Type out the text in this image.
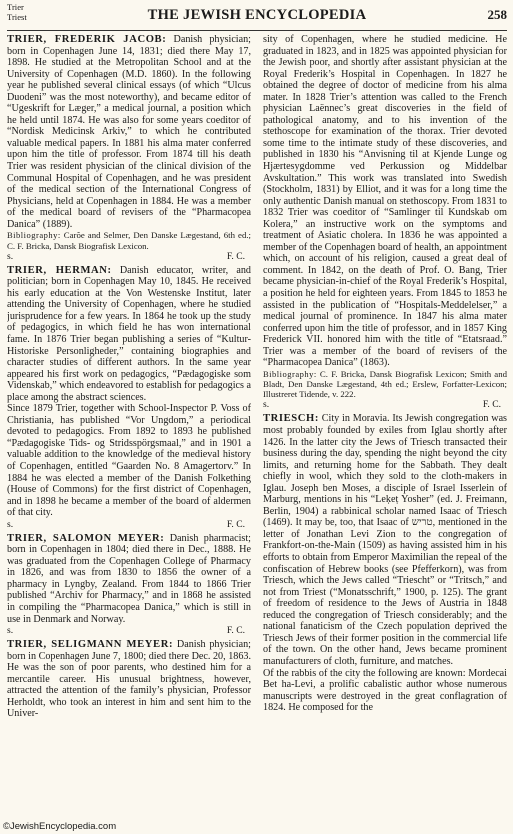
Trier
Triest	THE JEWISH ENCYCLOPEDIA	258

TRIER, FREDERIK JACOB: Danish physician; born in Copenhagen June 14, 1831; died there May 17, 1898. He studied at the Metropolitan School and at the University of Copenhagen (M.D. 1860). In the following year he published several clinical essays (of which “Ulcus Duodeni” was the most noteworthy), and became editor of “Ugeskrift for Læger,” a medical journal, a position which he held until 1874. He was also for some years coeditor of “Nordisk Medicinsk Arkiv,” to which he contributed valuable medical papers. In 1881 his alma mater conferred upon him the title of professor. From 1874 till his death Trier was resident physician of the clinical division of the Communal Hospital of Copenhagen, and he was president of the medical section of the International Congress of Physicians, held at Copenhagen in 1884. He was a member of the medical board of revisers of the “Pharmacopea Danica” (1889).

Bibliography: Carõe and Selmer, Den Danske Lægestand, 6th ed.; C. F. Bricka, Dansk Biografisk Lexicon.

s.	F. C.

TRIER, HERMAN: Danish educator, writer, and politician; born in Copenhagen May 10, 1845. He received his early education at the Von Westenske Institut, later attending the University of Copenhagen, where he studied jurisprudence for a few years. In 1864 he took up the study of pedagogics, in which field he has won international fame. In 1876 Trier began publishing a series of “Kultur-Historiske Personligheder,” containing biographies and character studies of different authors. In the same year appeared his first work on pedagogics, “Pædagogiske som Videnskab,” which endeavored to establish for pedagogics a place among the abstract sciences.

Since 1879 Trier, together with School-Inspector P. Voss of Christiania, has published “Vor Ungdom,” a periodical devoted to pedagogics. From 1892 to 1893 he published “Pædagogiske Tids- og Stridsspörgsmaal,” and in 1901 a valuable addition to the knowledge of the medieval history of Copenhagen, entitled “Gaarden No. 8 Amagertorv.” In 1884 he was elected a member of the Danish Folkething (House of Commons) for the first district of Copenhagen, and in 1898 he became a member of the board of aldermen of that city.

s.	F. C.

TRIER, SALOMON MEYER: Danish pharmacist; born in Copenhagen in 1804; died there in Dec., 1888. He was graduated from the Copenhagen College of Pharmacy in 1826, and was from 1830 to 1856 the owner of a pharmacy in Lyngby, Zealand. From 1844 to 1866 Trier published “Archiv for Pharmacy,” and in 1868 he assisted in compiling the “Pharmacopea Danica,” which is still in use in Denmark and Norway.

s.	F. C.

TRIER, SELIGMANN MEYER: Danish physician; born in Copenhagen June 7, 1800; died there Dec. 20, 1863. He was the son of poor parents, who destined him for a mercantile career. His unusual brightness, however, attracted the attention of the family’s physician, Professor Herholdt, who took an interest in him and sent him to the Univer-

sity of Copenhagen, where he studied medicine. He graduated in 1823, and in 1825 was appointed physician for the Jewish poor, and shortly after assistant physician at the Royal Frederik’s Hospital in Copenhagen. In 1827 he obtained the degree of doctor of medicine from his alma mater. In 1828 Trier’s attention was called to the French physician Laënnec’s great discoveries in the field of pathological anatomy, and to his invention of the stethoscope for examination of the thorax. Trier devoted some time to the intimate study of these discoveries, and published in 1830 his “Anvisning til at Kjende Lunge og Hjærtesygdomme ved Perkussion og Middelbar Avskultation.” This work was translated into Swedish (Stockholm, 1831) by Elliot, and it was for a long time the only authentic Danish manual on stethoscopy. From 1831 to 1832 Trier was coeditor of “Samlinger til Kundskab om Kolera,” an instructive work on the symptoms and treatment of Asiatic cholera. In 1836 he was appointed a member of the Copenhagen board of health, an appointment which, on account of his religion, caused a great deal of comment. In 1842, on the death of Prof. O. Bang, Trier became physician-in-chief of the Royal Frederik’s Hospital, a position he held for eighteen years. From 1845 to 1853 he assisted in the publication of “Hospitals-Meddelelser,” a medical journal of prominence. In 1847 his alma mater conferred upon him the title of professor, and in 1857 King Frederick VII. honored him with the title of “Etatsraad.” Trier was a member of the board of revisers of the “Pharmacopea Danica” (1863).

Bibliography: C. F. Bricka, Dansk Biografisk Lexicon; Smith and Bladt, Den Danske Lægestand, 4th ed.; Erslew, Forfatter-Lexicon; Illustreret Tidende, v. 222.

s.	F. C.

TRIESCH: City in Moravia. Its Jewish congregation was most probably founded by exiles from Iglau shortly after 1426. In the latter city the Jews of Triesch transacted their business during the day, spending the night beyond the city limits, and returning home for the Sabbath. They dealt chiefly in wool, which they sold to the cloth-makers in Iglau. Joseph ben Moses, a disciple of Israel Isserlein of Marburg, mentions in his “Leḳeṭ Yosher” (ed. J. Freimann, Berlin, 1904) a rabbinical scholar named Isaac of Triesch (1469). It may be, too, that Isaac of טריש, mentioned in the letter of Jonathan Levi Zion to the congregation of Frankfort-on-the-Main (1509) as having assisted him in his efforts to obtain from Emperor Maximilian the repeal of the confiscation of Hebrew books (see Pfefferkorn), was from Triesch, which the Jews called “Triescht” or “Tritsch,” and not from Triest (“Monatsschrift,” 1900, p. 125). The grant of freedom of residence to the Jews of Austria in 1848 reduced the congregation of Triesch considerably; and the national fanaticism of the Czech population deprived the Triesch Jews of their former position in the commercial life of the town. On the other hand, Jews became prominent manufacturers of cloth, furniture, and matches.

Of the rabbis of the city the following are known: Mordecai Bet ha-Levi, a prolific cabalistic author whose numerous manuscripts were destroyed in the great conflagration of 1824. He composed for the

©JewishEncyclopedia.com
